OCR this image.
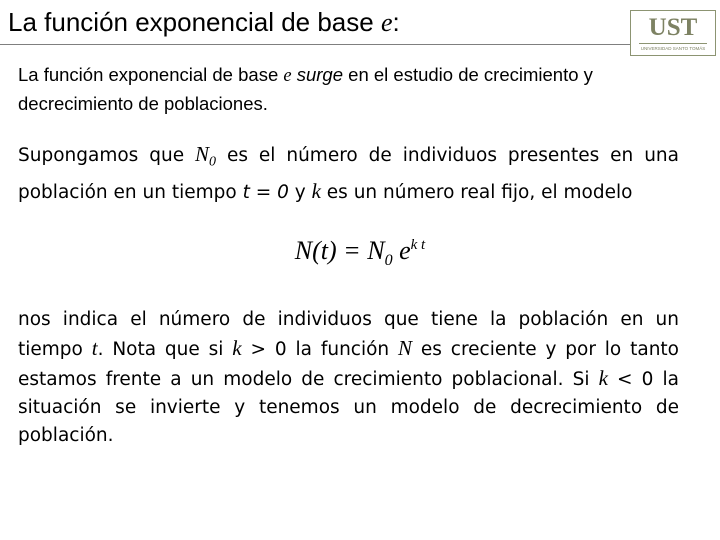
La función exponencial de base e:	UST
UNIVERSIDAD SANTO TOMÁS
La función exponencial de base e surge en el estudio de crecimiento y decrecimiento de poblaciones.
Supongamos que $N_0$ es el número de individuos presentes en una población en un tiempo t = 0 y k es un número real fijo, el modelo
$N(t) = N_0$ $e^{k t}$
nos indica el número de individuos que tiene la población en un tiempo t. Nota que si k > 0 la función N es creciente y por lo tanto estamos frente a un modelo de crecimiento poblacional. Si k < 0 la situación se invierte y tenemos un modelo de decrecimiento de población.
